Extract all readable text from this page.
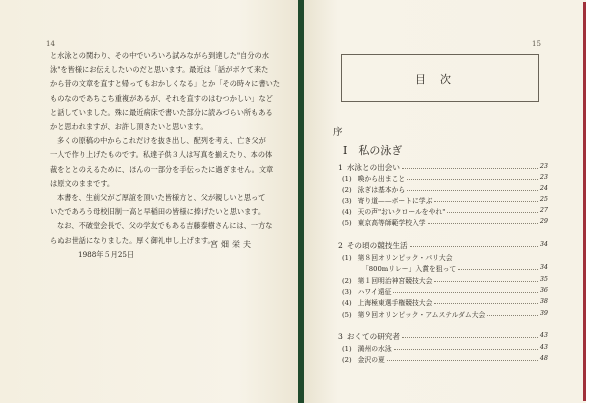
14

と水泳との関わり、その中でいろいろ試みながら到達した"自分の水

泳"を皆様にお伝えしたいのだと思います。最近は「話がボケて来た

から昔の文章を直すと帰ってもおかしくなる」とか「その時々に書いた

ものなのであちこち重複があるが、それを直すのはむつかしい」など

と話していました。殊に最近病床で書いた部分に読みづらい所もある

かと思われますが、お許し頂きたいと思います。

多くの原稿の中からこれだけを抜き出し、配列を考え、亡き父が

一人で作り上げたものです。私達子供３人は写真を揃えたり、本の体

裁をととのえるために、ほんの一部分を手伝ったに過ぎません。文章

は原文のままです。

本書を、生前父がご厚誼を頂いた皆様方と、父が親しいと思って

いたであろう母校旧制一高と早稲田の皆様に捧げたいと思います。

なお、不破堂会長で、父の学友でもある吉藤泰樹さんには、一方な

らぬお世話になりました。厚く御礼申し上げます。

1988年５月25日

宮畑栄夫
15
目次
序
I　私の泳ぎ
1 水泳との出会い	23
(1) 喚から出まこと	23
(2) 泳ぎは基本から	24
(3) 寄り道——ボートに学ぶ	25
(4) 天の声"おいクロールをやれ"	27
(5) 東京高等師範学校入学	29
2 その頃の競技生活	34
(1) 第８回オリンピック・パリ大会
「800mリレー」入賞を狙って	34
(2) 第１回明治神宮競技大会	35
(3) ハワイ遠征	36
(4) 上海極東選手権競技大会	38
(5) 第９回オリンピック・アムステルダム大会	39
3 おくての研究者	43
(1) 満州の水泳	43
(2) 金沢の夏	48
